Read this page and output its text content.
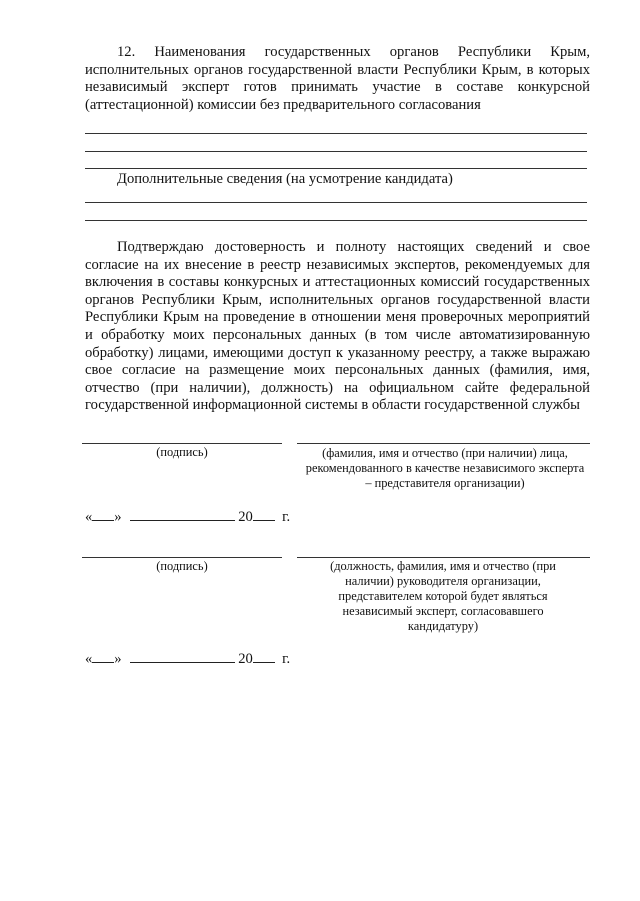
12. Наименования государственных органов Республики Крым, исполнительных органов государственной власти Республики Крым, в которых независимый эксперт готов принимать участие в составе конкурсной (аттестационной) комиссии без предварительного согласования

Дополнительные сведения (на усмотрение кандидата)

Подтверждаю достоверность и полноту настоящих сведений и свое согласие на их внесение в реестр независимых экспертов, рекомендуемых для включения в составы конкурсных и аттестационных комиссий государственных органов Республики Крым, исполнительных органов государственной власти Республики Крым на проведение в отношении меня проверочных мероприятий и обработку моих персональных данных (в том числе автоматизированную обработку) лицами, имеющими доступ к указанному реестру, а также выражаю свое согласие на размещение моих персональных данных (фамилия, имя, отчество (при наличии), должность) на официальном сайте федеральной государственной информационной системы в области государственной службы

(подпись)	(фамилия, имя и отчество (при наличии) лица, рекомендованного в качестве независимого эксперта – представителя организации)

« »	20 г.

(подпись)	(должность, фамилия, имя и отчество (при наличии) руководителя организации, представителем которой будет являться независимый эксперт, согласовавшего кандидатуру)

« »	20 г.
